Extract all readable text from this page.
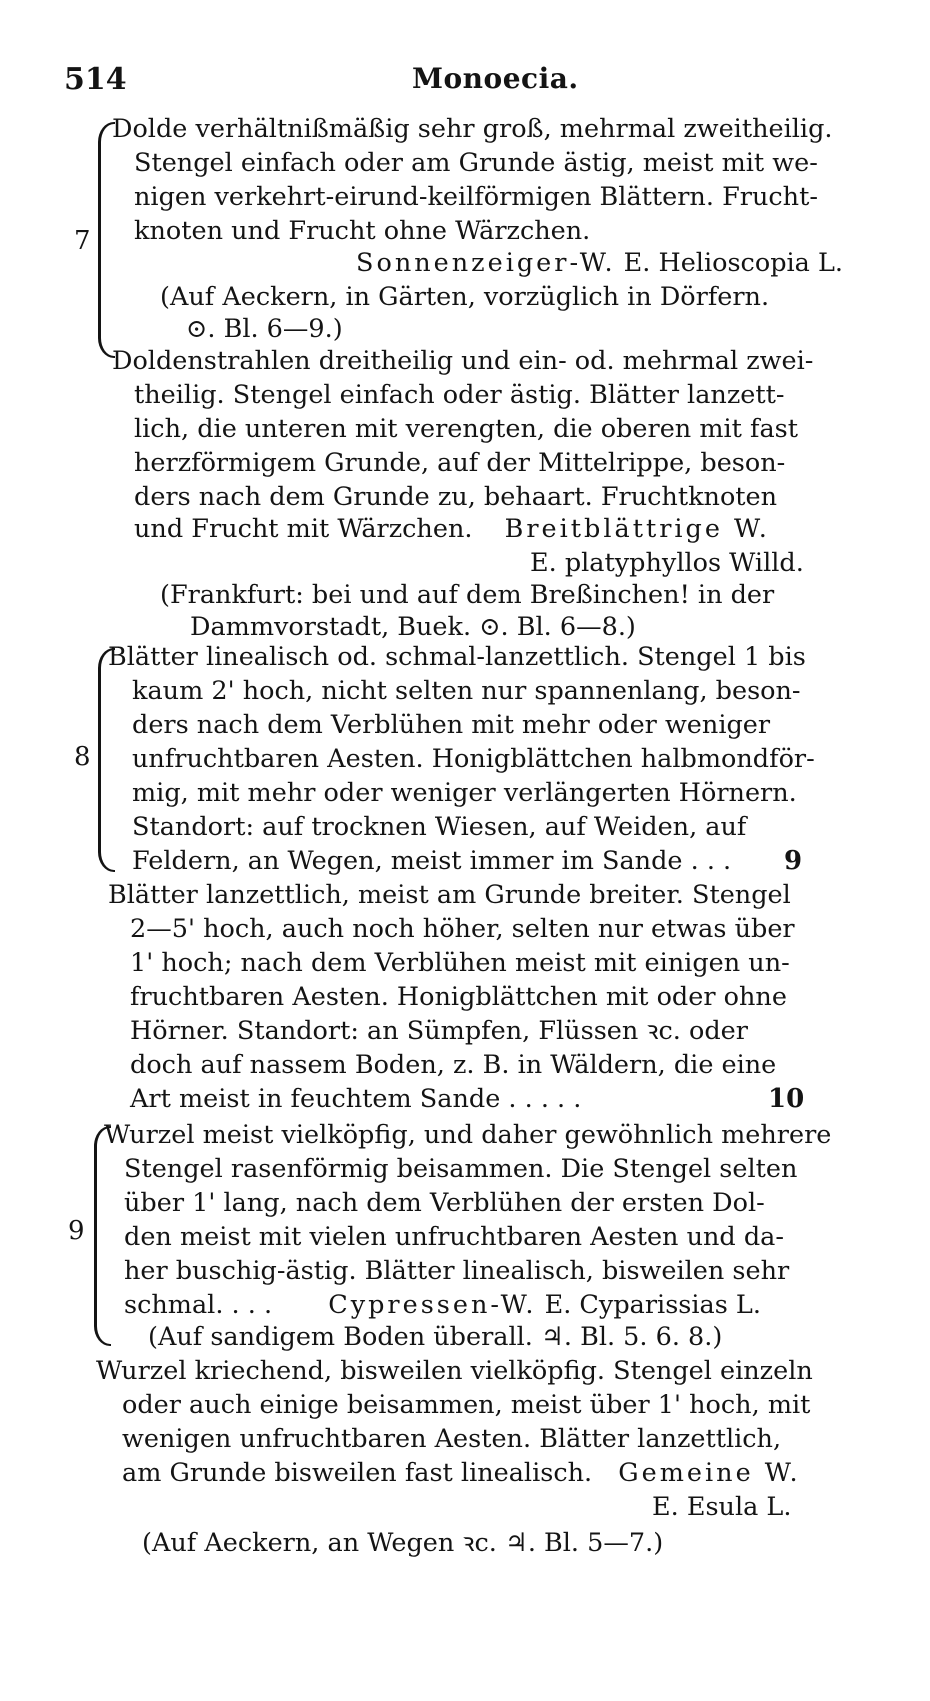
514	Monoecia.
7
Dolde verhältnißmäßig sehr groß, mehrmal zweitheilig.
Stengel einfach oder am Grunde ästig, meist mit we-
nigen verkehrt-eirund-keilförmigen Blättern. Frucht-
knoten und Frucht ohne Wärzchen.
Sonnenzeiger-W. E. Helioscopia L.
(Auf Aeckern, in Gärten, vorzüglich in Dörfern.
⊙. Bl. 6—9.)
Doldenstrahlen dreitheilig und ein- od. mehrmal zwei-
theilig. Stengel einfach oder ästig. Blätter lanzett-
lich, die unteren mit verengten, die oberen mit fast
herzförmigem Grunde, auf der Mittelrippe, beson-
ders nach dem Grunde zu, behaart. Fruchtknoten
und Frucht mit Wärzchen. Breitblättrige W.
E. platyphyllos Willd.
(Frankfurt: bei und auf dem Breßinchen! in der
Dammvorstadt, Buek. ⊙. Bl. 6—8.)
8
Blätter linealisch od. schmal-lanzettlich. Stengel 1 bis
kaum 2' hoch, nicht selten nur spannenlang, beson-
ders nach dem Verblühen mit mehr oder weniger
unfruchtbaren Aesten. Honigblättchen halbmondför-
mig, mit mehr oder weniger verlängerten Hörnern.
Standort: auf trocknen Wiesen, auf Weiden, auf
Feldern, an Wegen, meist immer im Sande . . . 9
Blätter lanzettlich, meist am Grunde breiter. Stengel
2—5' hoch, auch noch höher, selten nur etwas über
1' hoch; nach dem Verblühen meist mit einigen un-
fruchtbaren Aesten. Honigblättchen mit oder ohne
Hörner. Standort: an Sümpfen, Flüssen ꝛc. oder
doch auf nassem Boden, z. B. in Wäldern, die eine
Art meist in feuchtem Sande . . . . .	10
9
Wurzel meist vielköpfig, und daher gewöhnlich mehrere
Stengel rasenförmig beisammen. Die Stengel selten
über 1' lang, nach dem Verblühen der ersten Dol-
den meist mit vielen unfruchtbaren Aesten und da-
her buschig-ästig. Blätter linealisch, bisweilen sehr
schmal. . . . Cypressen-W. E. Cyparissias L.
(Auf sandigem Boden überall. ♃. Bl. 5. 6. 8.)
Wurzel kriechend, bisweilen vielköpfig. Stengel einzeln
oder auch einige beisammen, meist über 1' hoch, mit
wenigen unfruchtbaren Aesten. Blätter lanzettlich,
am Grunde bisweilen fast linealisch. Gemeine W.
E. Esula L.
(Auf Aeckern, an Wegen ꝛc. ♃. Bl. 5—7.)
